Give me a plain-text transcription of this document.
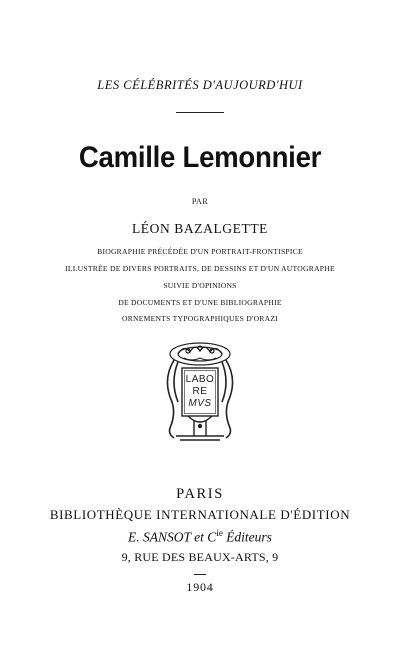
LES CÉLÉBRITÉS D'AUJOURD'HUI
Camille Lemonnier
PAR
LÉON BAZALGETTE
BIOGRAPHIE PRÉCÉDÉE D'UN PORTRAIT-FRONTISPICE
ILLUSTRÉE DE DIVERS PORTRAITS, DE DESSINS ET D'UN AUTOGRAPHE
SUIVIE D'OPINIONS
DE DOCUMENTS ET D'UNE BIBLIOGRAPHIE
ORNEMENTS TYPOGRAPHIQUES D'ORAZI
LABO
RE
MVS
PARIS
BIBLIOTHÈQUE INTERNATIONALE D'ÉDITION
E. SANSOT et $C^{ie}$ Éditeurs
9, RUE DES BEAUX-ARTS, 9
1904
